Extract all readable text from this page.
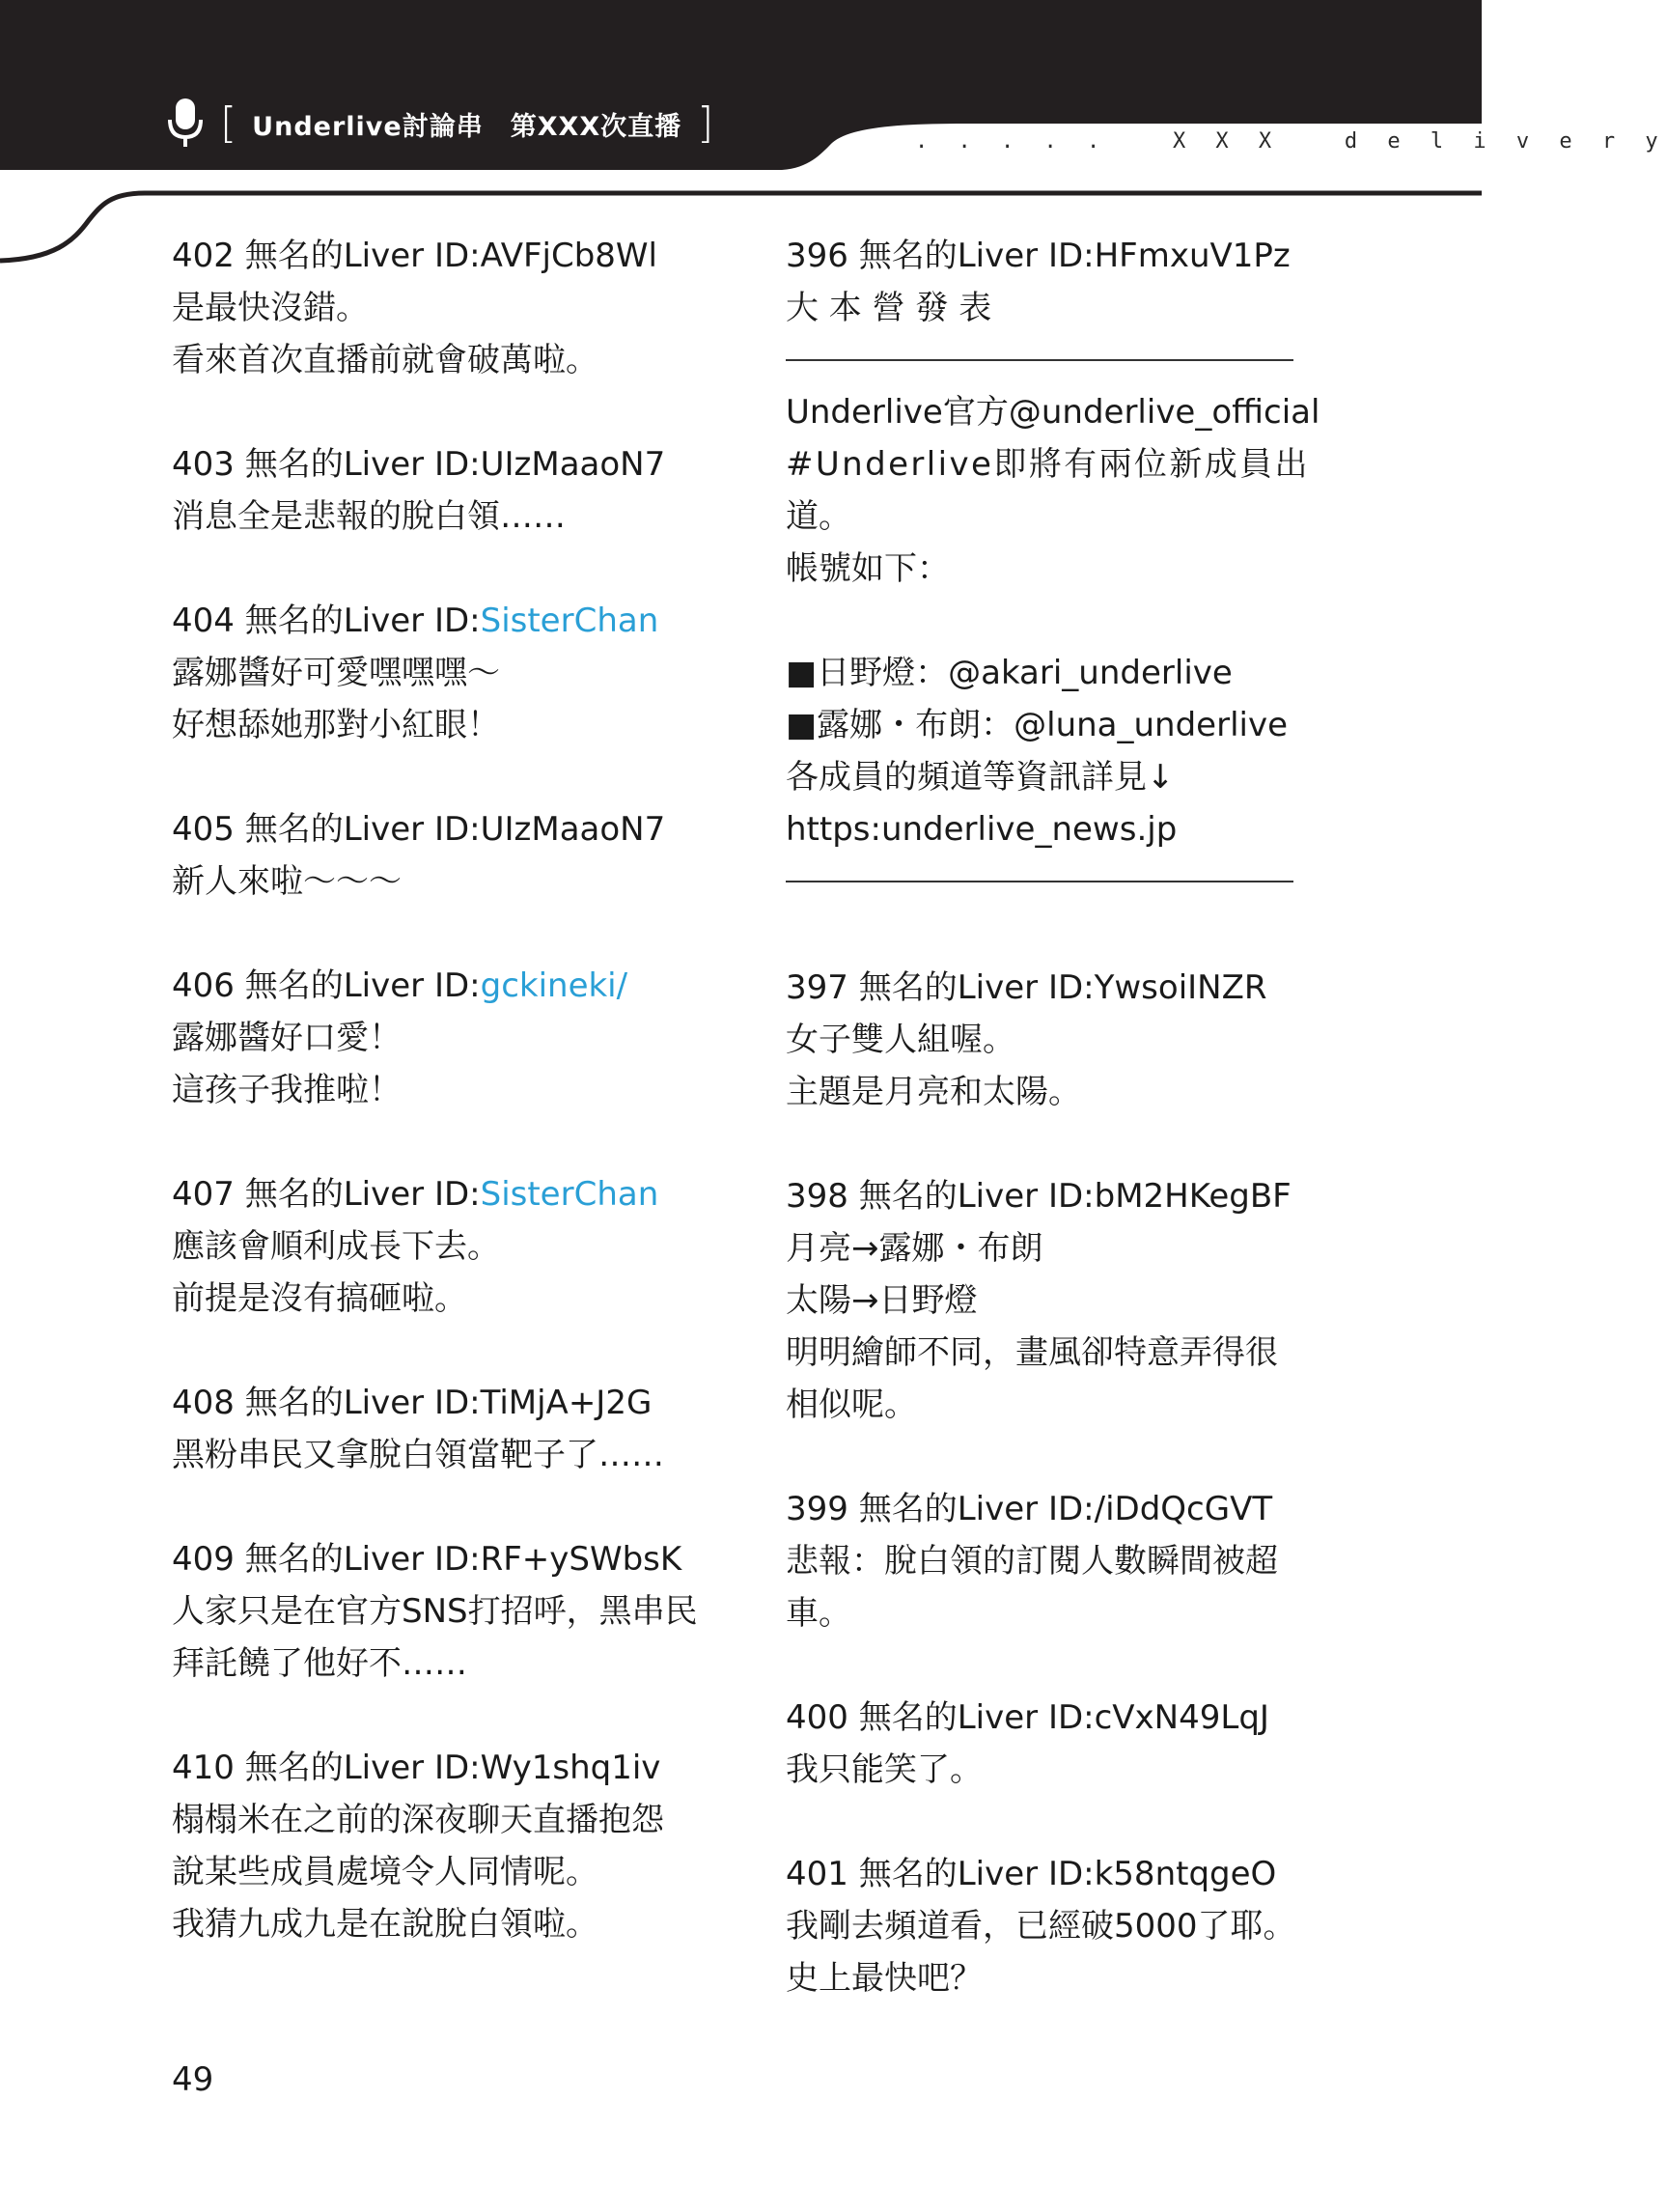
[ Underlive討論串　第XXX次直播 ]	. . . . .   X X X   d e l i v e r y
402 無名的Liver ID:AVFjCb8Wl
是最快沒錯。
看來首次直播前就會破萬啦。
403 無名的Liver ID:UIzMaaoN7
消息全是悲報的脫白領……
404 無名的Liver ID:SisterChan
露娜醬好可愛嘿嘿嘿〜
好想舔她那對小紅眼！
405 無名的Liver ID:UIzMaaoN7
新人來啦〜〜〜
406 無名的Liver ID:gckineki/
露娜醬好口愛！
這孩子我推啦！
407 無名的Liver ID:SisterChan
應該會順利成長下去。
前提是沒有搞砸啦。
408 無名的Liver ID:TiMjA+J2G
黑粉串民又拿脫白領當靶子了……
409 無名的Liver ID:RF+ySWbsK
人家只是在官方SNS打招呼，黑串民
拜託饒了他好不……
410 無名的Liver ID:Wy1shq1iv
榻榻米在之前的深夜聊天直播抱怨
說某些成員處境令人同情呢。
我猜九成九是在說脫白領啦。
396 無名的Liver ID:HFmxuV1Pz
大 本 營 發 表
Underlive官方@underlive_official
#Underlive即將有兩位新成員出
道。
帳號如下：
■日野燈：@akari_underlive
■露娜・布朗：@luna_underlive
各成員的頻道等資訊詳見↓
https:underlive_news.jp
397 無名的Liver ID:YwsoiINZR
女子雙人組喔。
主題是月亮和太陽。
398 無名的Liver ID:bM2HKegBF
月亮→露娜・布朗
太陽→日野燈
明明繪師不同，畫風卻特意弄得很
相似呢。
399 無名的Liver ID:/iDdQcGVT
悲報：脫白領的訂閱人數瞬間被超
車。
400 無名的Liver ID:cVxN49LqJ
我只能笑了。
401 無名的Liver ID:k58ntqgeO
我剛去頻道看，已經破5000了耶。
史上最快吧？
49
